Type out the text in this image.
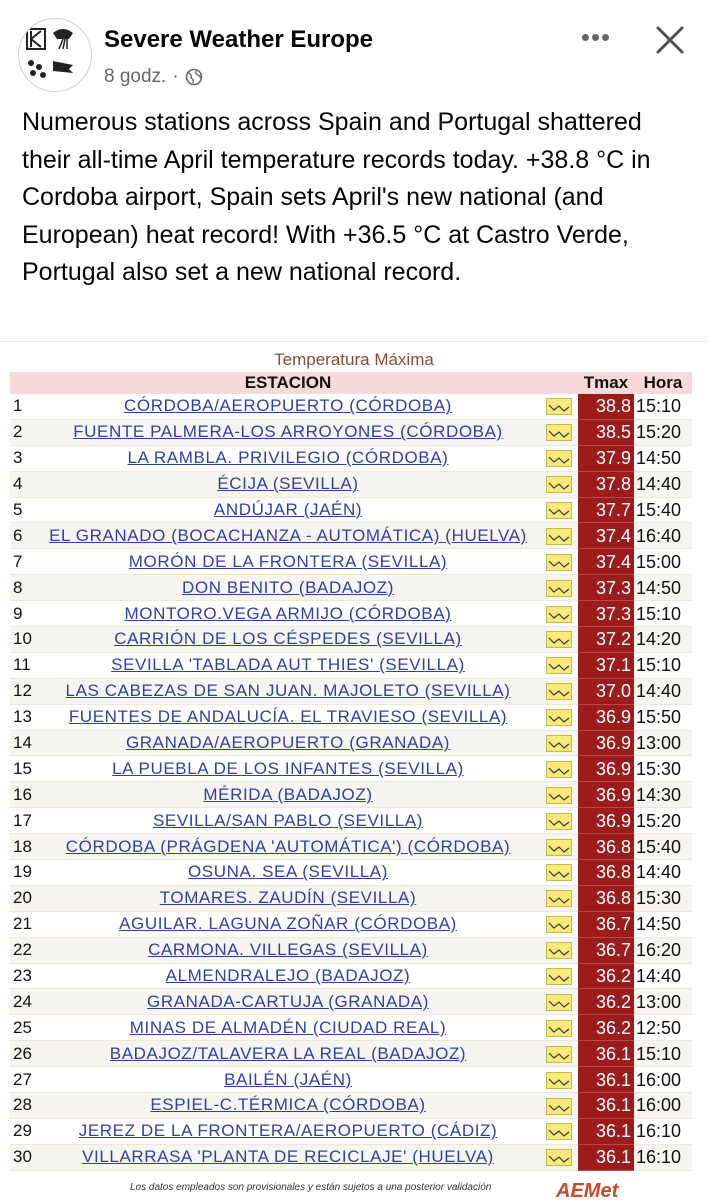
Severe Weather Europe
8 godz. ·
•••
Numerous stations across Spain and Portugal shattered their all-time April temperature records today. +38.8 °C in Cordoba airport, Spain sets April's new national (and European) heat record! With +36.5 °C at Castro Verde, Portugal also set a new national record.
Temperatura Máxima
	ESTACION		Tmax	Hora
1	CÓRDOBA/AEROPUERTO (CÓRDOBA)		38.8	15:10
2	FUENTE PALMERA-LOS ARROYONES (CÓRDOBA)		38.5	15:20
3	LA RAMBLA. PRIVILEGIO (CÓRDOBA)		37.9	14:50
4	ÉCIJA (SEVILLA)		37.8	14:40
5	ANDÚJAR (JAÉN)		37.7	15:40
6	EL GRANADO (BOCACHANZA - AUTOMÁTICA) (HUELVA)		37.4	16:40
7	MORÓN DE LA FRONTERA (SEVILLA)		37.4	15:00
8	DON BENITO (BADAJOZ)		37.3	14:50
9	MONTORO.VEGA ARMIJO (CÓRDOBA)		37.3	15:10
10	CARRIÓN DE LOS CÉSPEDES (SEVILLA)		37.2	14:20
11	SEVILLA 'TABLADA AUT THIES' (SEVILLA)		37.1	15:10
12	LAS CABEZAS DE SAN JUAN. MAJOLETO (SEVILLA)		37.0	14:40
13	FUENTES DE ANDALUCÍA. EL TRAVIESO (SEVILLA)		36.9	15:50
14	GRANADA/AEROPUERTO (GRANADA)		36.9	13:00
15	LA PUEBLA DE LOS INFANTES (SEVILLA)		36.9	15:30
16	MÉRIDA (BADAJOZ)		36.9	14:30
17	SEVILLA/SAN PABLO (SEVILLA)		36.9	15:20
18	CÓRDOBA (PRÁGDENA 'AUTOMÁTICA') (CÓRDOBA)		36.8	15:40
19	OSUNA. SEA (SEVILLA)		36.8	14:40
20	TOMARES. ZAUDÍN (SEVILLA)		36.8	15:30
21	AGUILAR. LAGUNA ZOÑAR (CÓRDOBA)		36.7	14:50
22	CARMONA. VILLEGAS (SEVILLA)		36.7	16:20
23	ALMENDRALEJO (BADAJOZ)		36.2	14:40
24	GRANADA-CARTUJA (GRANADA)		36.2	13:00
25	MINAS DE ALMADÉN (CIUDAD REAL)		36.2	12:50
26	BADAJOZ/TALAVERA LA REAL (BADAJOZ)		36.1	15:10
27	BAILÉN (JAÉN)		36.1	16:00
28	ESPIEL-C.TÉRMICA (CÓRDOBA)		36.1	16:00
29	JEREZ DE LA FRONTERA/AEROPUERTO (CÁDIZ)		36.1	16:10
30	VILLARRASA 'PLANTA DE RECICLAJE' (HUELVA)		36.1	16:10
Los datos empleados son provisionales y están sujetos a una posterior validación	AEMet
